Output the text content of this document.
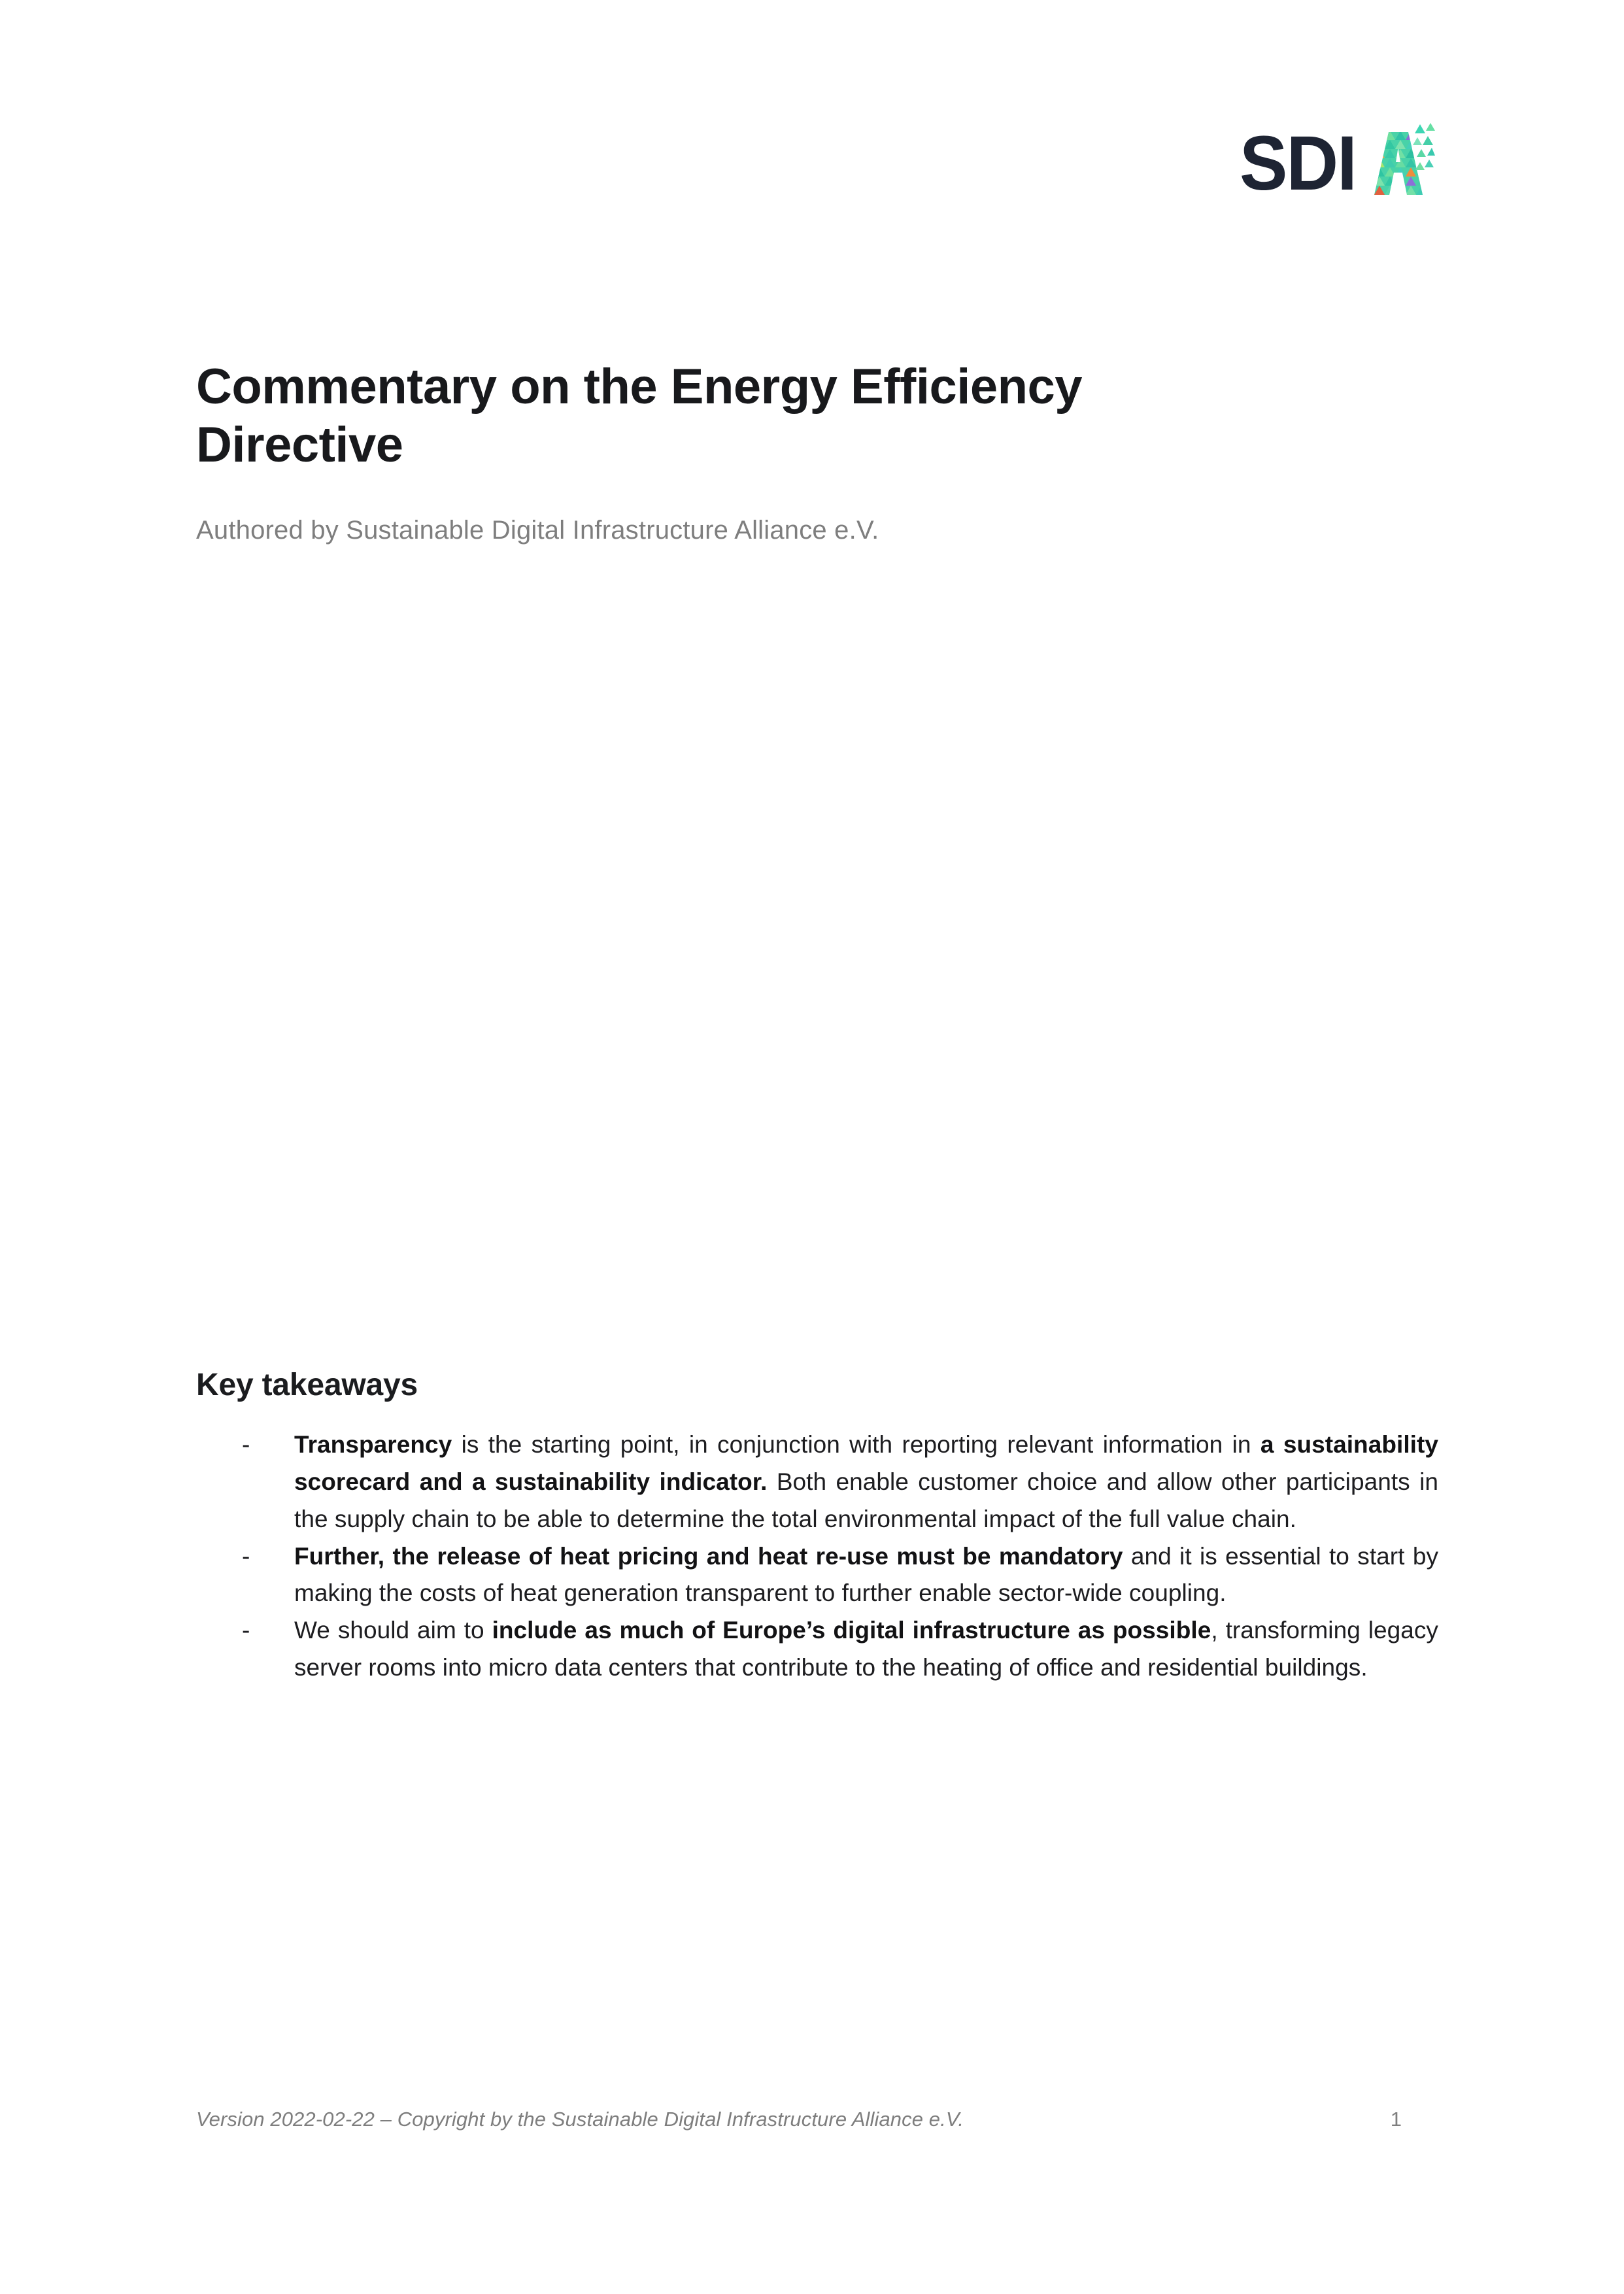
SDI
Commentary on the Energy Efficiency Directive

Authored by Sustainable Digital Infrastructure Alliance e.V.

Key takeaways
-	Transparency is the starting point, in conjunction with reporting relevant information in a sustainability scorecard and a sustainability indicator. Both enable customer choice and allow other participants in the supply chain to be able to determine the total environmental impact of the full value chain.
-	Further, the release of heat pricing and heat re-use must be mandatory and it is essential to start by making the costs of heat generation transparent to further enable sector-wide coupling.
-	We should aim to include as much of Europe’s digital infrastructure as possible, transforming legacy server rooms into micro data centers that contribute to the heating of office and residential buildings.
Version 2022-02-22 – Copyright by the Sustainable Digital Infrastructure Alliance e.V.	1
